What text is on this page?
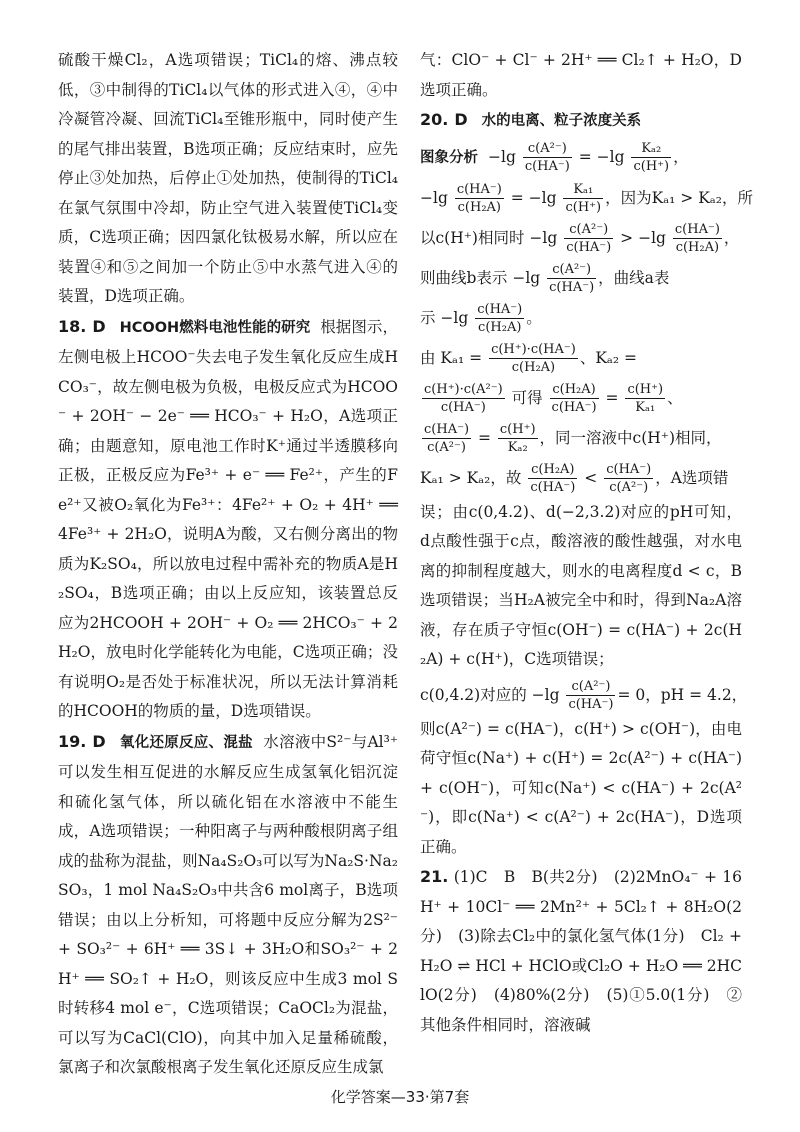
硫酸干燥Cl₂，A选项错误；TiCl₄的熔、沸点较低，③中制得的TiCl₄以气体的形式进入④，④中冷凝管冷凝、回流TiCl₄至锥形瓶中，同时使产生的尾气排出装置，B选项正确；反应结束时，应先停止③处加热，后停止①处加热，使制得的TiCl₄在氯气氛围中冷却，防止空气进入装置使TiCl₄变质，C选项正确；因四氯化钛极易水解，所以应在装置④和⑤之间加一个防止⑤中水蒸气进入④的装置，D选项正确。

18. D HCOOH燃料电池性能的研究 根据图示，左侧电极上HCOO⁻失去电子发生氧化反应生成HCO₃⁻，故左侧电极为负极，电极反应式为HCOO⁻ + 2OH⁻ − 2e⁻ ══ HCO₃⁻ + H₂O，A选项正确；由题意知，原电池工作时K⁺通过半透膜移向正极，正极反应为Fe³⁺ + e⁻ ══ Fe²⁺，产生的Fe²⁺又被O₂氧化为Fe³⁺：4Fe²⁺ + O₂ + 4H⁺ ══ 4Fe³⁺ + 2H₂O，说明A为酸，又右侧分离出的物质为K₂SO₄，所以放电过程中需补充的物质A是H₂SO₄，B选项正确；由以上反应知，该装置总反应为2HCOOH + 2OH⁻ + O₂ ══ 2HCO₃⁻ + 2H₂O，放电时化学能转化为电能，C选项正确；没有说明O₂是否处于标准状况，所以无法计算消耗的HCOOH的物质的量，D选项错误。

19. D 氧化还原反应、混盐 水溶液中S²⁻与Al³⁺可以发生相互促进的水解反应生成氢氧化铝沉淀和硫化氢气体，所以硫化铝在水溶液中不能生成，A选项错误；一种阳离子与两种酸根阴离子组成的盐称为混盐，则Na₄S₂O₃可以写为Na₂S·Na₂SO₃，1 mol Na₄S₂O₃中共含6 mol离子，B选项错误；由以上分析知，可将题中反应分解为2S²⁻ + SO₃²⁻ + 6H⁺ ══ 3S↓ + 3H₂O和SO₃²⁻ + 2H⁺ ══ SO₂↑ + H₂O，则该反应中生成3 mol S时转移4 mol e⁻，C选项错误；CaOCl₂为混盐，可以写为CaCl(ClO)，向其中加入足量稀硫酸，氯离子和次氯酸根离子发生氧化还原反应生成氯

气：ClO⁻ + Cl⁻ + 2H⁺ ══ Cl₂↑ + H₂O，D选项正确。

20. D 水的电离、粒子浓度关系

图象分析 $-\lg \frac{\text{c(A²⁻)}}{c(HA^-)} = -\lg \frac{\text{Kₐ₂}}{c(H^+)}$ ，

$-\lg \frac{c(HA^-)}{\text{c(H₂A)}} = -\lg \frac{\text{Kₐ₁}}{c(H^+)}$ ，因为Kₐ₁ > Kₐ₂，所

以c(H⁺)相同时 $-\lg \frac{\text{c(A²⁻)}}{c(HA^-)} > -\lg \frac{c(HA^-)}{\text{c(H₂A)}}$ ，

则曲线b表示 $-\lg \frac{\text{c(A²⁻)}}{c(HA^-)}$ ，曲线a表

示 $-\lg \frac{c(HA^-)}{\text{c(H₂A)}}$ 。

由 $K_{a1} = \frac{c(H^+)\cdot c(HA^-)}{\text{c(H₂A)}}$ 、Kₐ₂ =

$\frac{\text{c(H⁺)·c(A²⁻)}}{c(HA^-)}$ 可得 $\frac{\text{c(H₂A)}}{c(HA^-)} = \frac{c(H^+)}{\text{Kₐ₁}}$ 、

$\frac{c(HA^-)}{\text{c(A²⁻)}} = \frac{c(H^+)}{\text{Kₐ₂}}$ ，同一溶液中c(H⁺)相同，

Kₐ₁ > Kₐ₂，故 $\frac{\text{c(H₂A)}}{c(HA^-)} < \frac{c(HA^-)}{\text{c(A²⁻)}}$ ，A选项错

误；由c(0,4.2)、d(−2,3.2)对应的pH可知，d点酸性强于c点，酸溶液的酸性越强，对水电离的抑制程度越大，则水的电离程度d < c，B选项错误；当H₂A被完全中和时，得到Na₂A溶液，存在质子守恒c(OH⁻) = c(HA⁻) + 2c(H₂A) + c(H⁺)，C选项错误；

c(0,4.2)对应的 $-\lg \frac{\text{c(A²⁻)}}{c(HA^-)} = 0$，pH = 4.2，

则c(A²⁻) = c(HA⁻)，c(H⁺) > c(OH⁻)，由电荷守恒c(Na⁺) + c(H⁺) = 2c(A²⁻) + c(HA⁻) + c(OH⁻)，可知c(Na⁺) < c(HA⁻) + 2c(A²⁻)，即c(Na⁺) < c(A²⁻) + 2c(HA⁻)，D选项正确。

21. (1)C　B　B(共2分)　(2)2MnO₄⁻ + 16H⁺ + 10Cl⁻ ══ 2Mn²⁺ + 5Cl₂↑ + 8H₂O(2分)　(3)除去Cl₂中的氯化氢气体(1分)　Cl₂ + H₂O ⇌ HCl + HClO或Cl₂O + H₂O ══ 2HClO(2分)　(4)80%(2分)　(5)①5.0(1分)　②其他条件相同时，溶液碱

化学答案—33·第7套
